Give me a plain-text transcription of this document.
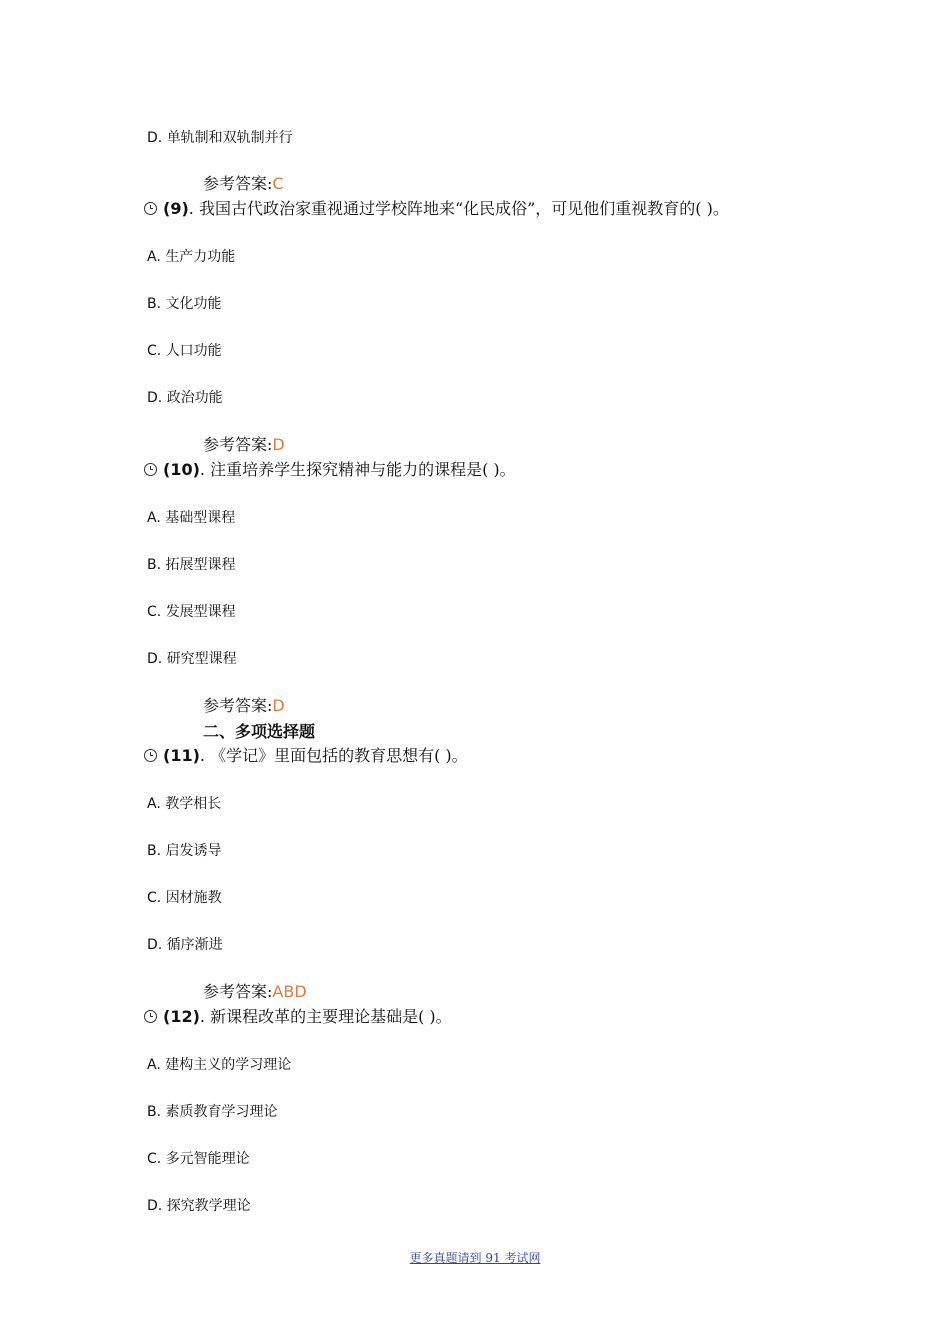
D. 单轨制和双轨制并行
参考答案:C
(9). 我国古代政治家重视通过学校阵地来“化民成俗”，可见他们重视教育的( )。
A. 生产力功能
B. 文化功能
C. 人口功能
D. 政治功能
参考答案:D
(10). 注重培养学生探究精神与能力的课程是( )。
A. 基础型课程
B. 拓展型课程
C. 发展型课程
D. 研究型课程
参考答案:D
二、多项选择题
(11). 《学记》里面包括的教育思想有( )。
A. 教学相长
B. 启发诱导
C. 因材施教
D. 循序渐进
参考答案:ABD
(12). 新课程改革的主要理论基础是( )。
A. 建构主义的学习理论
B. 素质教育学习理论
C. 多元智能理论
D. 探究教学理论
更多真题请到 91 考试网
